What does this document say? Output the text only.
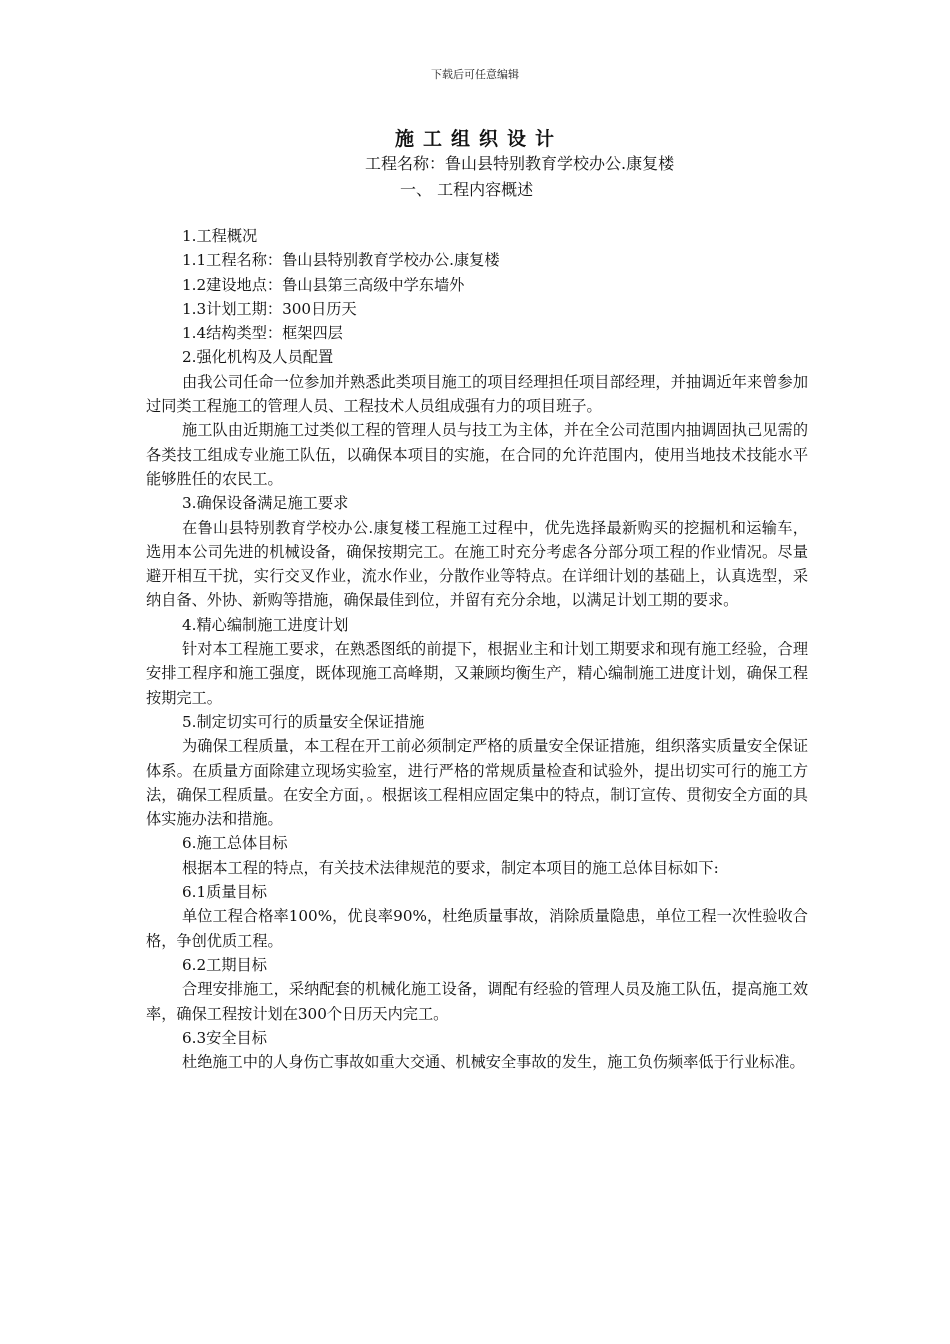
下载后可任意编辑
施工组织设计
工程名称：鲁山县特别教育学校办公.康复楼
一、 工程内容概述

1.工程概况

1.1工程名称：鲁山县特别教育学校办公.康复楼

1.2建设地点：鲁山县第三高级中学东墙外

1.3计划工期：300日历天

1.4结构类型：框架四层

2.强化机构及人员配置

由我公司任命一位参加并熟悉此类项目施工的项目经理担任项目部经理，并抽调近年来曾参加过同类工程施工的管理人员、工程技术人员组成强有力的项目班子。

施工队由近期施工过类似工程的管理人员与技工为主体，并在全公司范围内抽调固执己见需的各类技工组成专业施工队伍，以确保本项目的实施，在合同的允许范围内，使用当地技术技能水平能够胜任的农民工。

3.确保设备满足施工要求

在鲁山县特别教育学校办公.康复楼工程施工过程中，优先选择最新购买的挖掘机和运输车，选用本公司先进的机械设备，确保按期完工。在施工时充分考虑各分部分项工程的作业情况。尽量避开相互干扰，实行交叉作业，流水作业，分散作业等特点。在详细计划的基础上，认真选型，采纳自备、外协、新购等措施，确保最佳到位，并留有充分余地，以满足计划工期的要求。

4.精心编制施工进度计划

针对本工程施工要求，在熟悉图纸的前提下，根据业主和计划工期要求和现有施工经验，合理安排工程序和施工强度，既体现施工高峰期，又兼顾均衡生产，精心编制施工进度计划，确保工程按期完工。

5.制定切实可行的质量安全保证措施

为确保工程质量，本工程在开工前必须制定严格的质量安全保证措施，组织落实质量安全保证体系。在质量方面除建立现场实验室，进行严格的常规质量检查和试验外，提出切实可行的施工方法，确保工程质量。在安全方面，。根据该工程相应固定集中的特点，制订宣传、贯彻安全方面的具体实施办法和措施。

6.施工总体目标

根据本工程的特点，有关技术法律规范的要求，制定本项目的施工总体目标如下:

6.1质量目标

单位工程合格率100%，优良率90%，杜绝质量事故，消除质量隐患，单位工程一次性验收合格，争创优质工程。

6.2工期目标

合理安排施工，采纳配套的机械化施工设备，调配有经验的管理人员及施工队伍，提高施工效率，确保工程按计划在300个日历天内完工。

6.3安全目标

杜绝施工中的人身伤亡事故如重大交通、机械安全事故的发生，施工负伤频率低于行业标准。
